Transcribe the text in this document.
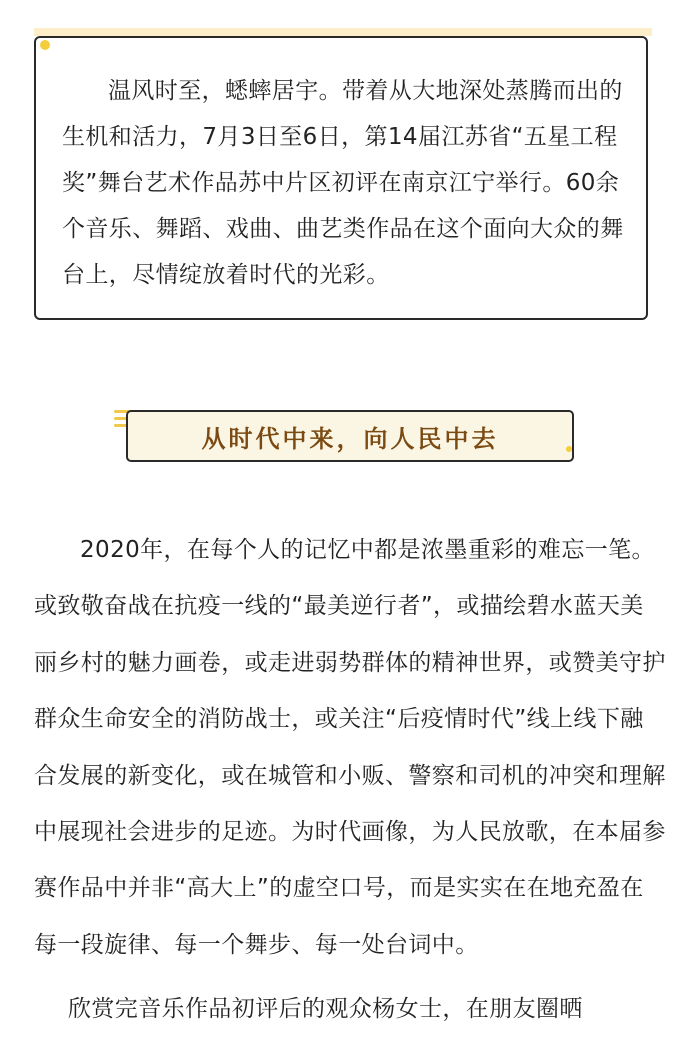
温风时至，蟋蟀居宇。带着从大地深处蒸腾而出的生机和活力，7月3日至6日，第14届江苏省“五星工程奖”舞台艺术作品苏中片区初评在南京江宁举行。60余个音乐、舞蹈、戏曲、曲艺类作品在这个面向大众的舞台上，尽情绽放着时代的光彩。

从时代中来，向人民中去

2020年，在每个人的记忆中都是浓墨重彩的难忘一笔。或致敬奋战在抗疫一线的“最美逆行者”，或描绘碧水蓝天美丽乡村的魅力画卷，或走进弱势群体的精神世界，或赞美守护群众生命安全的消防战士，或关注“后疫情时代”线上线下融合发展的新变化，或在城管和小贩、警察和司机的冲突和理解中展现社会进步的足迹。为时代画像，为人民放歌，在本届参赛作品中并非“高大上”的虚空口号，而是实实在在地充盈在每一段旋律、每一个舞步、每一处台词中。

欣赏完音乐作品初评后的观众杨女士，在朋友圈晒
